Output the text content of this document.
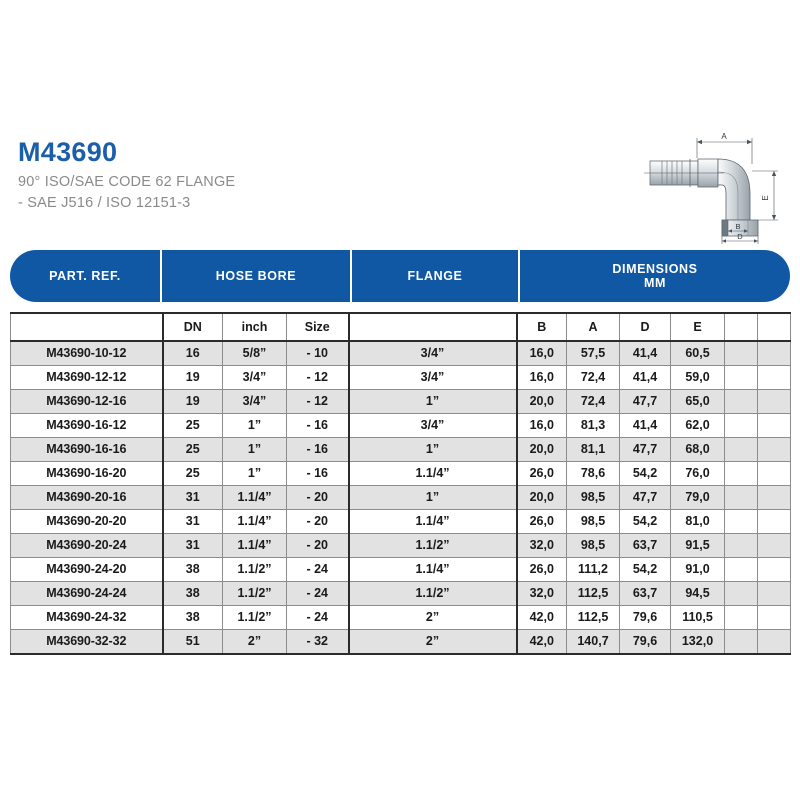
M43690
90° ISO/SAE CODE 62 FLANGE
- SAE J516 / ISO 12151-3
A
E
B
D
PART. REF.	HOSE BORE	FLANGE
DIMENSIONS
MM
	DN	inch	Size		B	A	D	E		
M43690-10-12	16	5/8”	- 10	3/4”	16,0	57,5	41,4	60,5		
M43690-12-12	19	3/4”	- 12	3/4”	16,0	72,4	41,4	59,0		
M43690-12-16	19	3/4”	- 12	1”	20,0	72,4	47,7	65,0		
M43690-16-12	25	1”	- 16	3/4”	16,0	81,3	41,4	62,0		
M43690-16-16	25	1”	- 16	1”	20,0	81,1	47,7	68,0		
M43690-16-20	25	1”	- 16	1.1/4”	26,0	78,6	54,2	76,0		
M43690-20-16	31	1.1/4”	- 20	1”	20,0	98,5	47,7	79,0		
M43690-20-20	31	1.1/4”	- 20	1.1/4”	26,0	98,5	54,2	81,0		
M43690-20-24	31	1.1/4”	- 20	1.1/2”	32,0	98,5	63,7	91,5		
M43690-24-20	38	1.1/2”	- 24	1.1/4”	26,0	111,2	54,2	91,0		
M43690-24-24	38	1.1/2”	- 24	1.1/2”	32,0	112,5	63,7	94,5		
M43690-24-32	38	1.1/2”	- 24	2”	42,0	112,5	79,6	110,5		
M43690-32-32	51	2”	- 32	2”	42,0	140,7	79,6	132,0		
